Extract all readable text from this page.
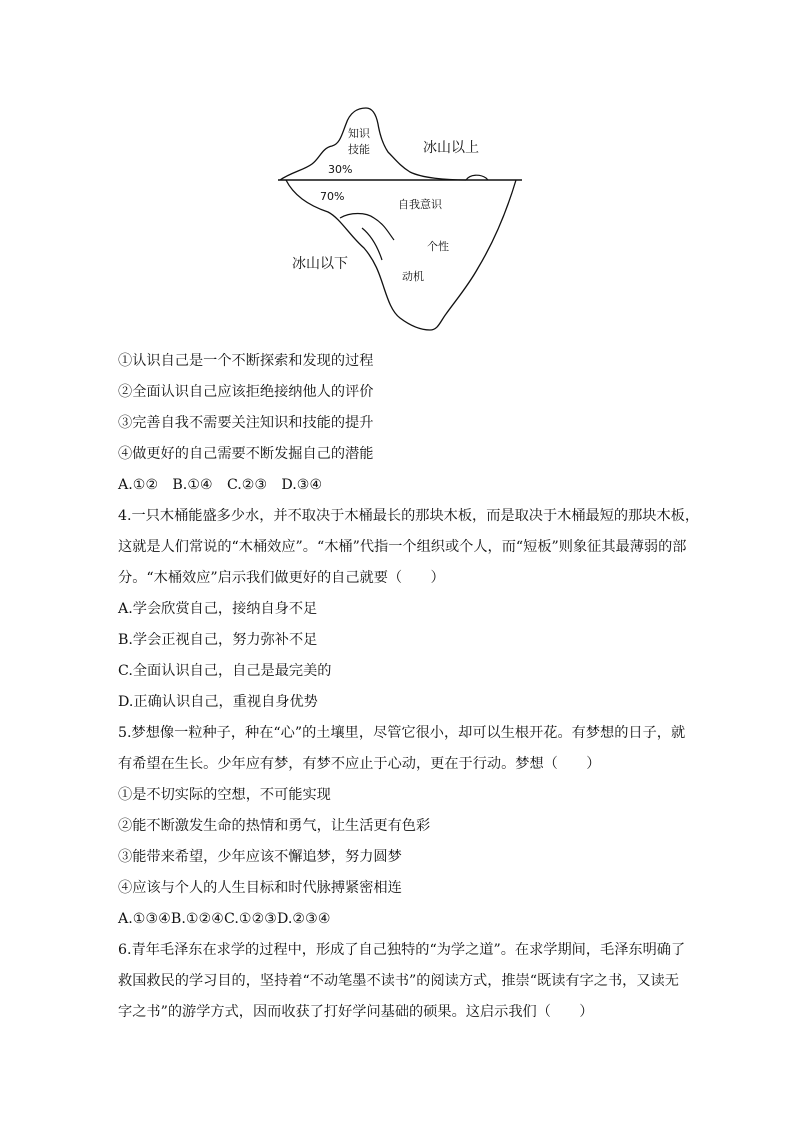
知识
技能
30%
冰山以上
70%
自我意识
个性
冰山以下
动机
①认识自己是一个不断探索和发现的过程
②全面认识自己应该拒绝接纳他人的评价
③完善自我不需要关注知识和技能的提升
④做更好的自己需要不断发掘自己的潜能
A.①②　B.①④　C.②③　D.③④
4.一只木桶能盛多少水，并不取决于木桶最长的那块木板，而是取决于木桶最短的那块木板，
这就是人们常说的“木桶效应”。“木桶”代指一个组织或个人，而“短板”则象征其最薄弱的部
分。“木桶效应”启示我们做更好的自己就要（　　）
A.学会欣赏自己，接纳自身不足
B.学会正视自己，努力弥补不足
C.全面认识自己，自己是最完美的
D.正确认识自己，重视自身优势
5.梦想像一粒种子，种在“心”的土壤里，尽管它很小，却可以生根开花。有梦想的日子，就
有希望在生长。少年应有梦，有梦不应止于心动，更在于行动。梦想（　　）
①是不切实际的空想，不可能实现
②能不断激发生命的热情和勇气，让生活更有色彩
③能带来希望，少年应该不懈追梦，努力圆梦
④应该与个人的人生目标和时代脉搏紧密相连
A.①③④B.①②④C.①②③D.②③④
6.青年毛泽东在求学的过程中，形成了自己独特的“为学之道”。在求学期间，毛泽东明确了
救国救民的学习目的，坚持着“不动笔墨不读书”的阅读方式，推崇“既读有字之书，又读无
字之书”的游学方式，因而收获了打好学问基础的硕果。这启示我们（　　）
